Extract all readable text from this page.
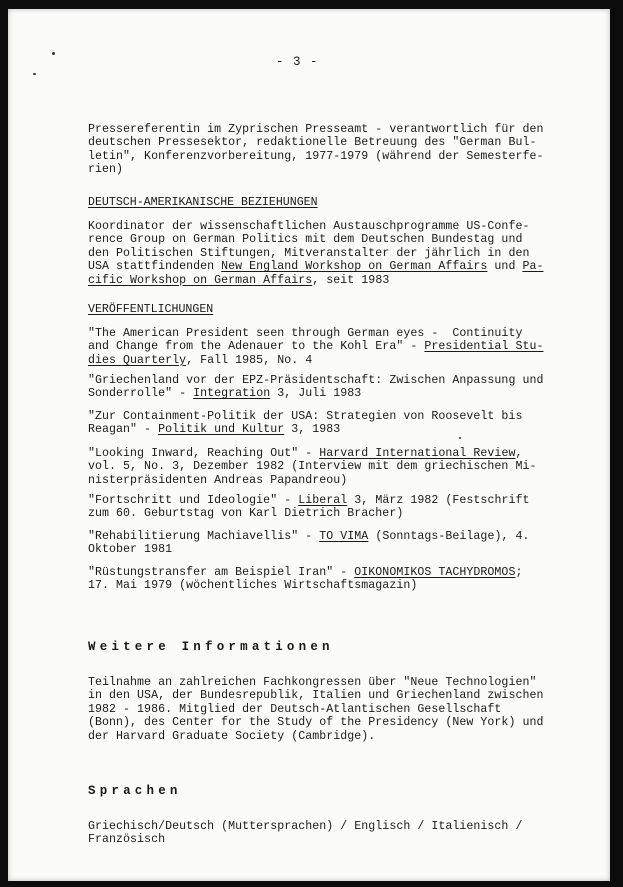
- 3 -
Pressereferentin im Zyprischen Presseamt - verantwortlich für den
deutschen Pressesektor, redaktionelle Betreuung des "German Bul-
letin", Konferenzvorbereitung, 1977-1979 (während der Semesterfe-
rien)
DEUTSCH-AMERIKANISCHE BEZIEHUNGEN
Koordinator der wissenschaftlichen Austauschprogramme US-Confe-
rence Group on German Politics mit dem Deutschen Bundestag und
den Politischen Stiftungen, Mitveranstalter der jährlich in den
USA stattfindenden New England Workshop on German Affairs und Pa-
cific Workshop on German Affairs, seit 1983
VERÖFFENTLICHUNGEN
"The American President seen through German eyes -  Continuity
and Change from the Adenauer to the Kohl Era" - Presidential Stu-
dies Quarterly, Fall 1985, No. 4
"Griechenland vor der EPZ-Präsidentschaft: Zwischen Anpassung und
Sonderrolle" - Integration 3, Juli 1983
"Zur Containment-Politik der USA: Strategien von Roosevelt bis
Reagan" - Politik und Kultur 3, 1983
"Looking Inward, Reaching Out" - Harvard International Review,
vol. 5, No. 3, Dezember 1982 (Interview mit dem griechischen Mi-
nisterpräsidenten Andreas Papandreou)
"Fortschritt und Ideologie" - Liberal 3, März 1982 (Festschrift
zum 60. Geburtstag von Karl Dietrich Bracher)
"Rehabilitierung Machiavellis" - TO VIMA (Sonntags-Beilage), 4.
Oktober 1981
"Rüstungstransfer am Beispiel Iran" - OIKONOMIKOS TACHYDROMOS;
17. Mai 1979 (wöchentliches Wirtschaftsmagazin)
Weitere Informationen
Teilnahme an zahlreichen Fachkongressen über "Neue Technologien"
in den USA, der Bundesrepublik, Italien und Griechenland zwischen
1982 - 1986. Mitglied der Deutsch-Atlantischen Gesellschaft
(Bonn), des Center for the Study of the Presidency (New York) und
der Harvard Graduate Society (Cambridge).
Sprachen
Griechisch/Deutsch (Muttersprachen) / Englisch / Italienisch /
Französisch
